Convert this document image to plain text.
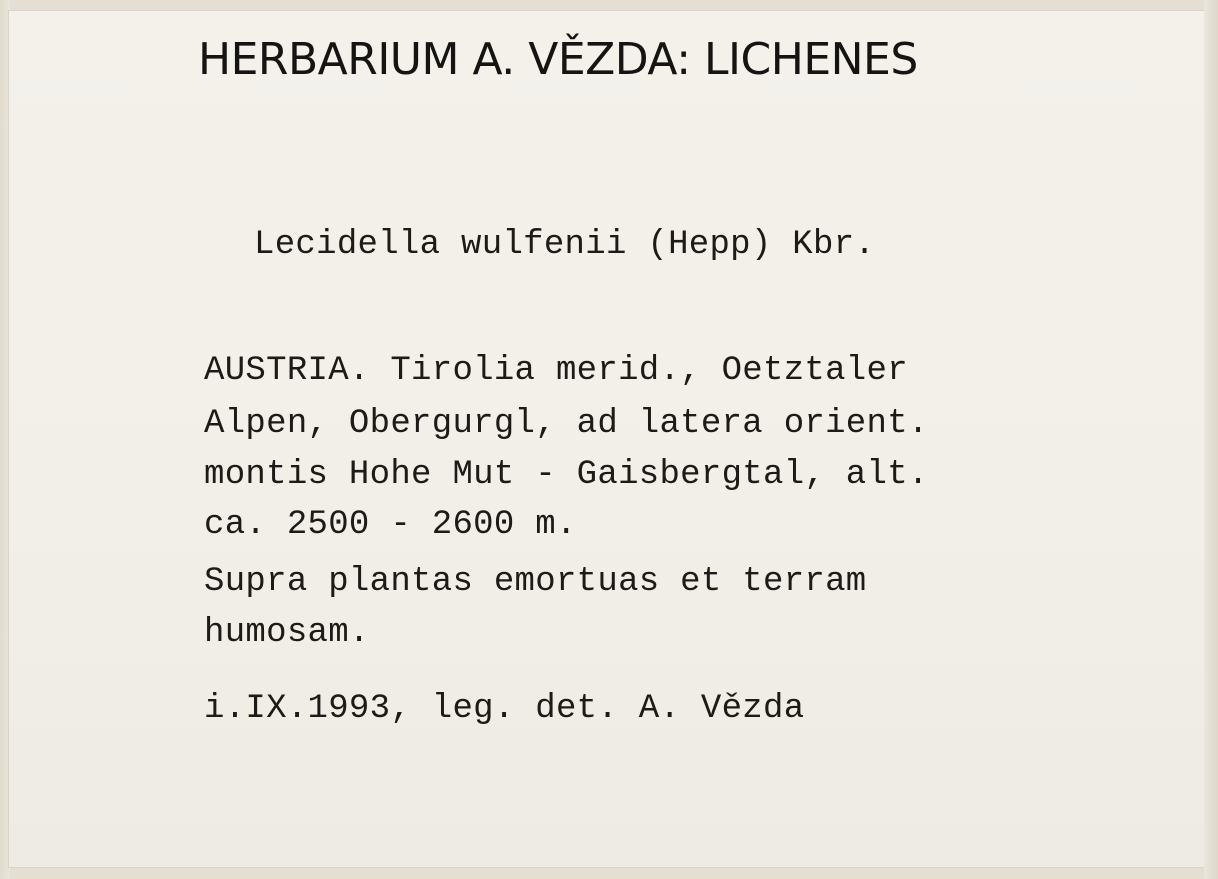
HERBARIUM A. VĚZDA: LICHENES
Lecidella wulfenii (Hepp) Kbr.
AUSTRIA. Tirolia merid., Oetztaler
Alpen, Obergurgl, ad latera orient.
montis Hohe Mut - Gaisbergtal, alt.
ca. 2500 - 2600 m.
Supra plantas emortuas et terram
humosam.
i.IX.1993, leg. det. A. Vězda
